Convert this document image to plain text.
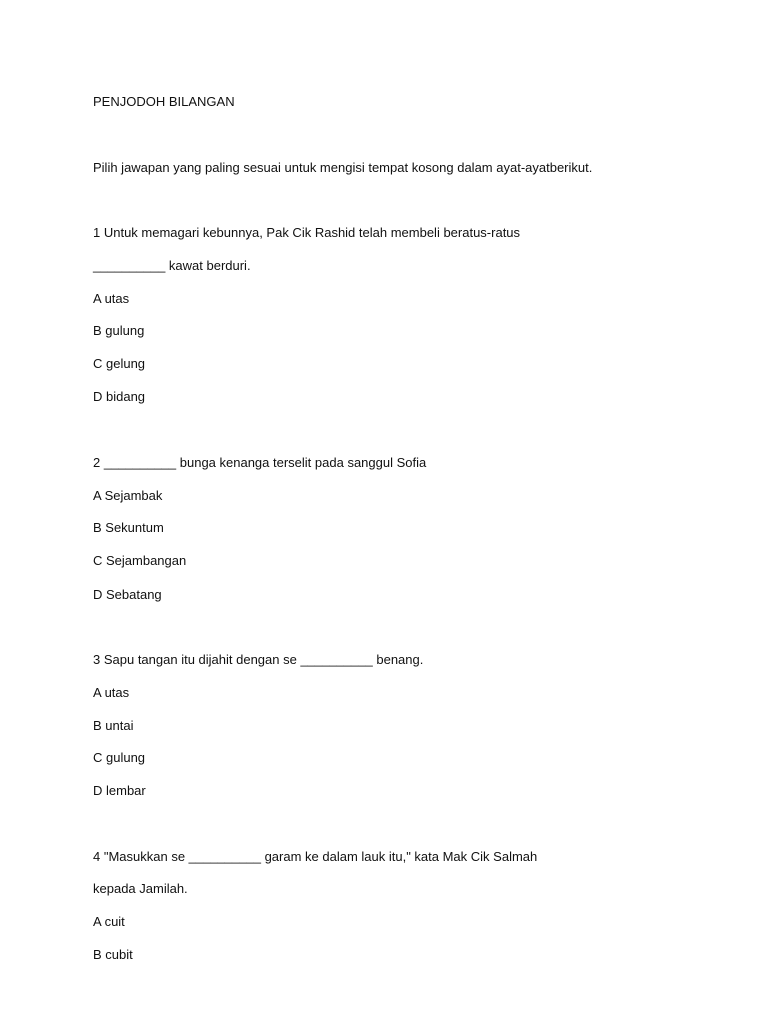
PENJODOH BILANGAN
Pilih jawapan yang paling sesuai untuk mengisi tempat kosong dalam ayat-ayatberikut.
1 Untuk memagari kebunnya, Pak Cik Rashid telah membeli beratus-ratus
__________ kawat berduri.
A utas
B gulung
C gelung
D bidang
2 __________ bunga kenanga terselit pada sanggul Sofia
A Sejambak
B Sekuntum
C Sejambangan
D Sebatang
3 Sapu tangan itu dijahit dengan se __________ benang.
A utas
B untai
C gulung
D lembar
4 "Masukkan se __________ garam ke dalam lauk itu," kata Mak Cik Salmah
kepada Jamilah.
A cuit
B cubit
